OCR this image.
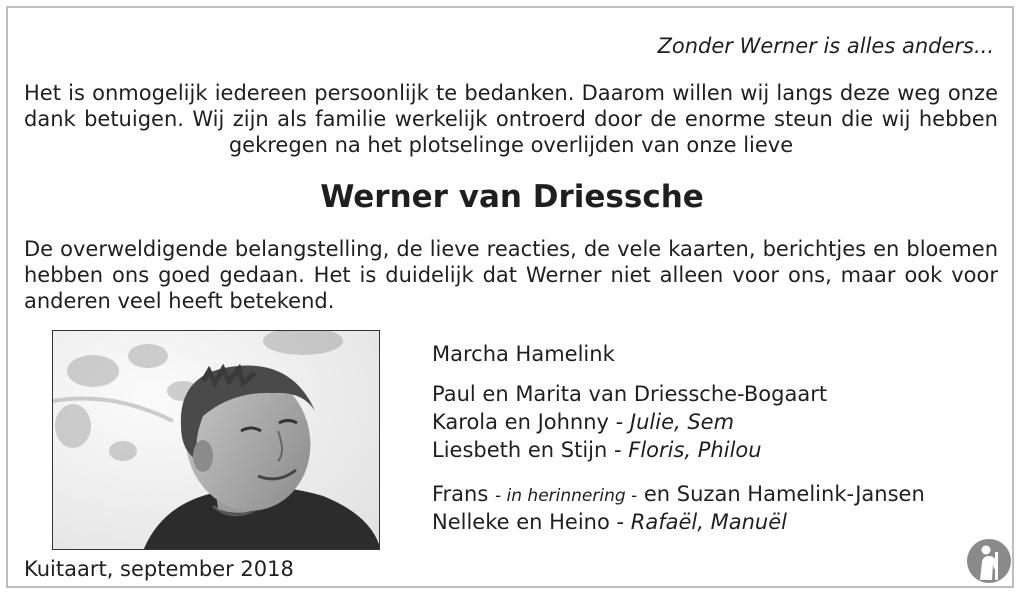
Zonder Werner is alles anders...
Het is onmogelijk iedereen persoonlijk te bedanken. Daarom willen wij langs deze weg onze dank betuigen. Wij zijn als familie werkelijk ontroerd door de enorme steun die wij hebben gekregen na het plotselinge overlijden van onze lieve
Werner van Driessche
De overweldigende belangstelling, de lieve reacties, de vele kaarten, berichtjes en bloemen hebben ons goed gedaan. Het is duidelijk dat Werner niet alleen voor ons, maar ook voor anderen veel heeft betekend.
Marcha Hamelink
Paul en Marita van Driessche-Bogaart
Karola en Johnny - Julie, Sem
Liesbeth en Stijn - Floris, Philou
Frans - in herinnering - en Suzan Hamelink-Jansen
Nelleke en Heino - Rafaël, Manuël
Kuitaart, september 2018
